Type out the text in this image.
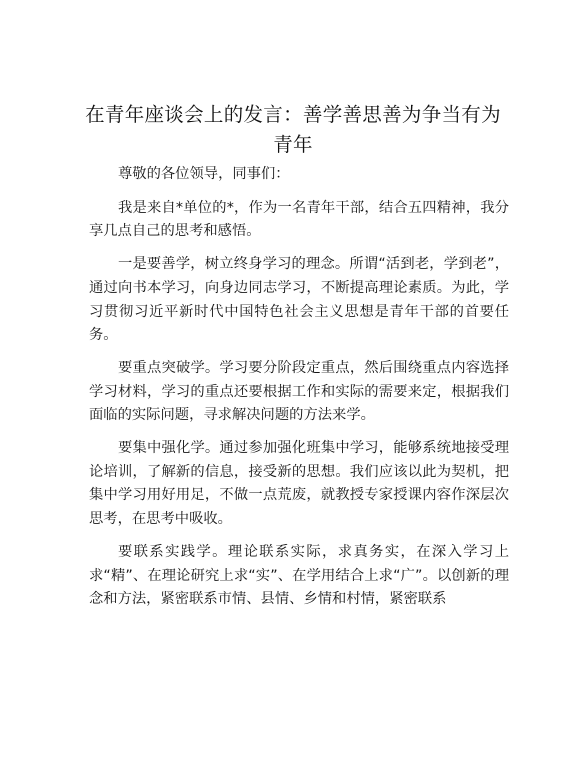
在青年座谈会上的发言：善学善思善为争当有为青年

尊敬的各位领导，同事们：

我是来自*单位的*，作为一名青年干部，结合五四精神，我分享几点自己的思考和感悟。

一是要善学，树立终身学习的理念。所谓“活到老，学到老”，通过向书本学习，向身边同志学习，不断提高理论素质。为此，学习贯彻习近平新时代中国特色社会主义思想是青年干部的首要任务。

要重点突破学。学习要分阶段定重点，然后围绕重点内容选择学习材料，学习的重点还要根据工作和实际的需要来定，根据我们面临的实际问题，寻求解决问题的方法来学。

要集中强化学。通过参加强化班集中学习，能够系统地接受理论培训，了解新的信息，接受新的思想。我们应该以此为契机，把集中学习用好用足，不做一点荒废，就教授专家授课内容作深层次思考，在思考中吸收。

要联系实践学。理论联系实际，求真务实，在深入学习上求“精”、在理论研究上求“实”、在学用结合上求“广”。以创新的理念和方法，紧密联系市情、县情、乡情和村情，紧密联系
